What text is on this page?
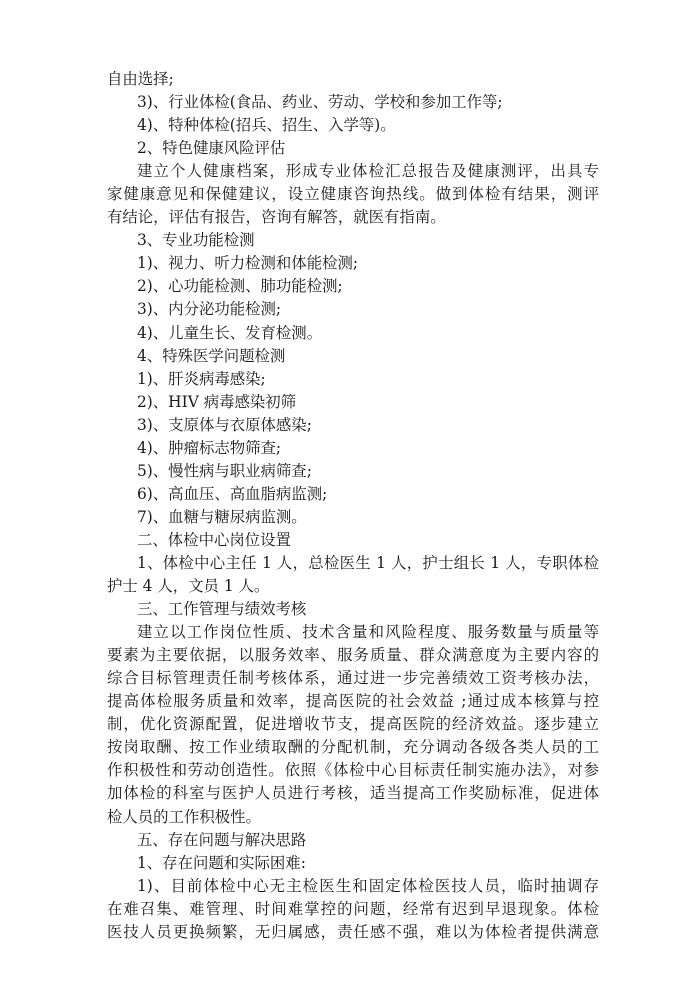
自由选择;
3)、行业体检(食品、药业、劳动、学校和参加工作等;
4)、特种体检(招兵、招生、入学等)。
2、特色健康风险评估
建立个人健康档案，形成专业体检汇总报告及健康测评，出具专
家健康意见和保健建议，设立健康咨询热线。做到体检有结果，测评
有结论，评估有报告，咨询有解答，就医有指南。
3、专业功能检测
1)、视力、听力检测和体能检测;
2)、心功能检测、肺功能检测;
3)、内分泌功能检测;
4)、儿童生长、发育检测。
4、特殊医学问题检测
1)、肝炎病毒感染;
2)、HIV 病毒感染初筛
3)、支原体与衣原体感染;
4)、肿瘤标志物筛查;
5)、慢性病与职业病筛查;
6)、高血压、高血脂病监测;
7)、血糖与糖尿病监测。
二、体检中心岗位设置
1、体检中心主任 1 人，总检医生 1 人，护士组长 1 人，专职体检
护士 4 人，文员 1 人。
三、工作管理与绩效考核
建立以工作岗位性质、技术含量和风险程度、服务数量与质量等
要素为主要依据，以服务效率、服务质量、群众满意度为主要内容的
综合目标管理责任制考核体系，通过进一步完善绩效工资考核办法，
提高体检服务质量和效率，提高医院的社会效益 ;通过成本核算与控
制，优化资源配置，促进增收节支，提高医院的经济效益。逐步建立
按岗取酬、按工作业绩取酬的分配机制，充分调动各级各类人员的工
作积极性和劳动创造性。依照《体检中心目标责任制实施办法》，对参
加体检的科室与医护人员进行考核，适当提高工作奖励标准，促进体
检人员的工作积极性。
五、存在问题与解决思路
1、存在问题和实际困难:
1)、目前体检中心无主检医生和固定体检医技人员，临时抽调存
在难召集、难管理、时间难掌控的问题，经常有迟到早退现象。体检
医技人员更换频繁，无归属感，责任感不强，难以为体检者提供满意
